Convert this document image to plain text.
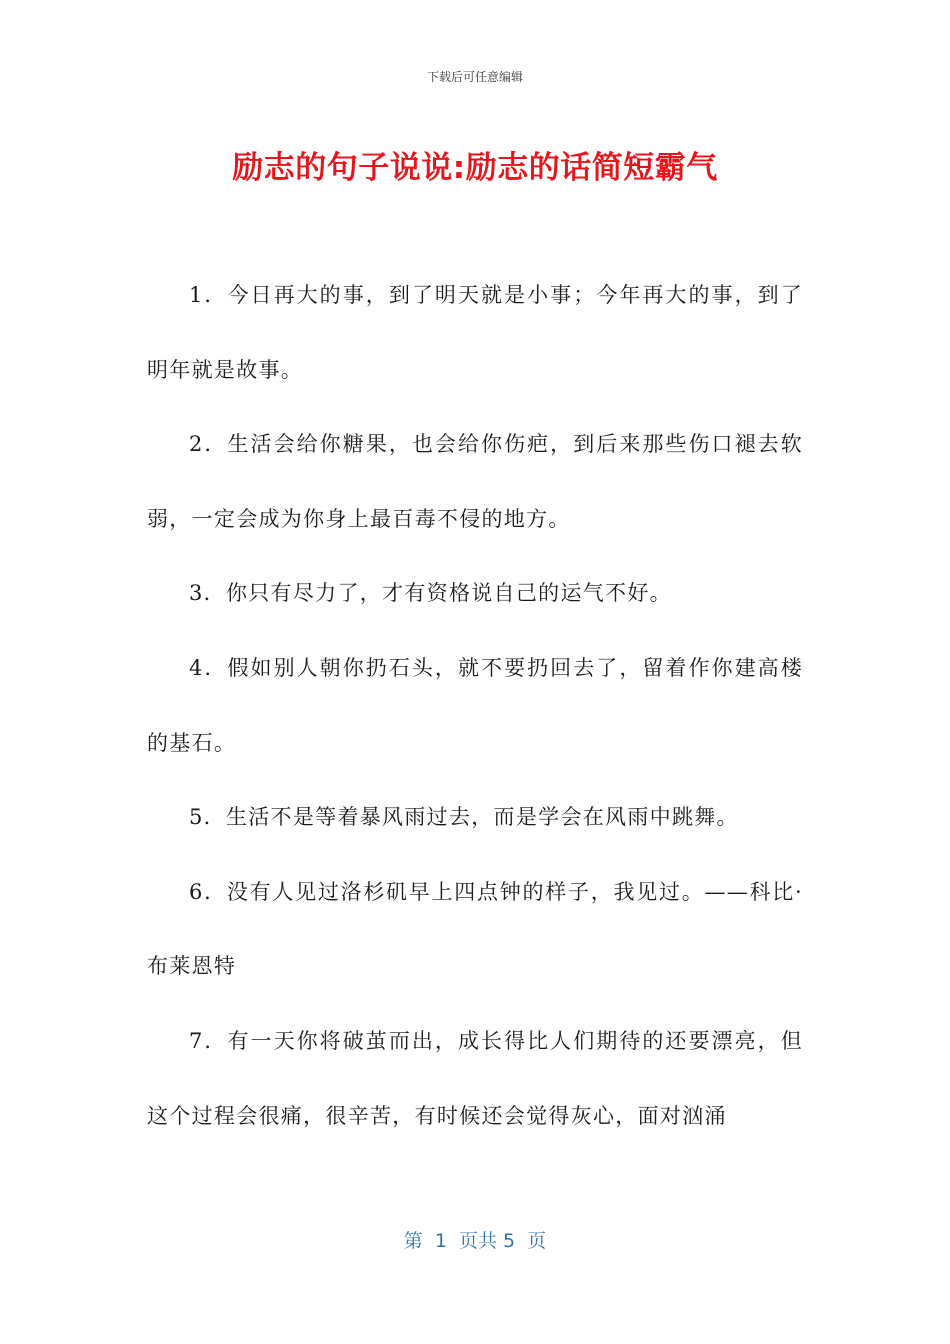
下载后可任意编辑
励志的句子说说:励志的话简短霸气

1．今日再大的事，到了明天就是小事；今年再大的事，到了明年就是故事。

2．生活会给你糖果，也会给你伤疤，到后来那些伤口褪去软弱，一定会成为你身上最百毒不侵的地方。

3．你只有尽力了，才有资格说自己的运气不好。

4．假如别人朝你扔石头，就不要扔回去了，留着作你建高楼的基石。

5．生活不是等着暴风雨过去，而是学会在风雨中跳舞。

6．没有人见过洛杉矶早上四点钟的样子，我见过。——科比·布莱恩特

7．有一天你将破茧而出，成长得比人们期待的还要漂亮，但这个过程会很痛，很辛苦，有时候还会觉得灰心，面对汹涌

第  1  页共 5  页
